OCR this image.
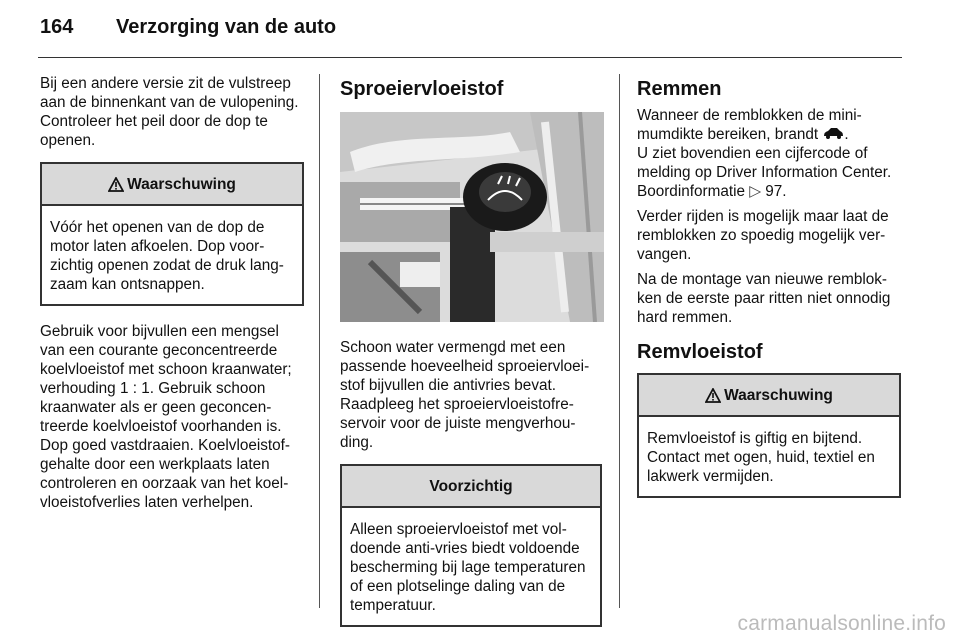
164 Verzorging van de auto

Bij een andere versie zit de vulstreep aan de binnenkant van de vulopening. Controleer het peil door de dop te openen.

Waarschuwing
Vóór het openen van de dop de motor laten afkoelen. Dop voorzichtig openen zodat de druk langzaam kan ontsnappen.

Gebruik voor bijvullen een mengsel van een courante geconcentreerde koelvloeistof met schoon kraanwater; verhouding 1 : 1. Gebruik schoon kraanwater als er geen geconcentreerde koelvloeistof voorhanden is. Dop goed vastdraaien. Koelvloeistofgehalte door een werkplaats laten controleren en oorzaak van het koelvloeistofverlies laten verhelpen.

Sproeiervloeistof

Schoon water vermengd met een passende hoeveelheid sproeiervloeistof bijvullen die antivries bevat. Raadpleeg het sproeiervloeistofreservoir voor de juiste mengverhouding.

Voorzichtig
Alleen sproeiervloeistof met voldoende anti-vries biedt voldoende bescherming bij lage temperaturen of een plotselinge daling van de temperatuur.
Remmen

Wanneer de remblokken de minimumdikte bereiken, brandt .
U ziet bovendien een cijfercode of melding op Driver Information Center. Boordinformatie ▷ 97.

Verder rijden is mogelijk maar laat de remblokken zo spoedig mogelijk vervangen.

Na de montage van nieuwe remblokken de eerste paar ritten niet onnodig hard remmen.

Remvloeistof
Waarschuwing
Remvloeistof is giftig en bijtend. Contact met ogen, huid, textiel en lakwerk vermijden.
carmanualsonline.info
